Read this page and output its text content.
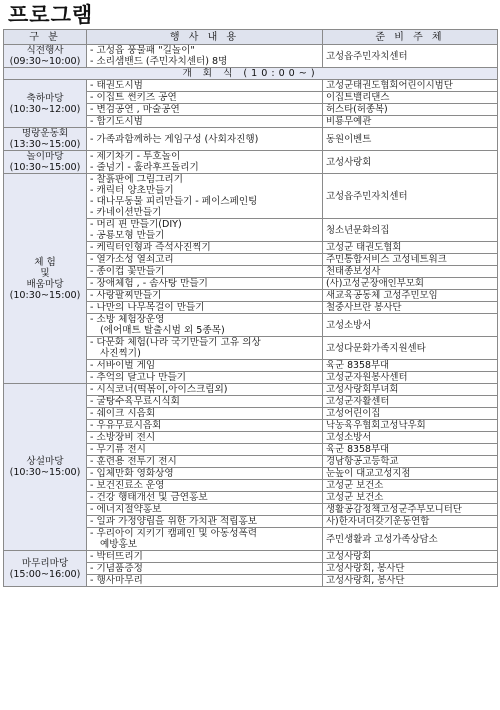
프로그램
구 분	행 사 내 용	준 비 주 체

식전행사
(09:30~10:00)	- 고성읍 풍물패 "길놀이"
- 소리샘밴드 (주민자치센터) 8명	고성읍주민자치센터
개 회 식 (10:00~)		

축하마당
(10:30~12:00)	- 태권도시범	고성군태권도협회어린이시범단

	- 이집트 썬키즈 공연	이집트밸리댄스

	- 변검공연 , 마술공연	허스타(허종복)

	- 합기도시범	비룡무예관

명랑운동회
(13:30~15:00)	- 가족과함께하는 게임구성 (사회자진행)	동원이벤트

놀이마당
(10:30~15:00)	- 제기차기 - 투호놀이
- 줄넘기 - 훌라후프돌리기	고성사랑회

체 험
및
배움마당
(10:30~15:00)	- 찰흙판에 그림그리기
- 캐릭터 양초만들기
- 대나무동물 피리만들기 - 페이스페인팅
- 카네이션만들기	고성읍주민자치센터

	- 머리 핀 만들기(DIY)
- 공룡모형 만들기	청소년문화의집

	- 케릭터인형과 즉석사진찍기	고성군 태권도협회

	- 열가소성 열쇠고리	주민통합서비스 고성네트워크

	- 종이컵 꽃만들기	천태종보성사

	- 장애체험 , - 솜사탕 만들기	(사)고성군장애인부모회

	- 사랑팔찌만들기	새교육공동체 고성주민모임

	- 나만의 나무목걸이 만들기	철중사브란 봉사단

	- 소방 체험장운영
(에어매트 탈출시범 외 5종목)	고성소방서

	- 다문화 체험(나라 국기만들기 고유 의상
사진찍기)	고성다문화가족지원센타

	- 서바이벌 게임	육군 8358부대

	- 추억의 달고나 만들기	고성군자원봉사센터

상설마당
(10:30~15:00)	- 시식코너(떡볶이,아이스크림외)	고성사랑회부녀회

	- 굴탕수육무료시식회	고성군자활센터

	- 쉐이크 시음회	고성어린이집

	- 우유무료시음회	낙농육우협회고성낙우회

	- 소방장비 전시	고성소방서

	- 무기류 전시	육군 8358부대

	- 훈련용 전투기 전시	경남항공고등학교

	- 입체만화 영화상영	눈높이 대교고성지점

	- 보건진료소 운영	고성군 보건소

	- 건강 행태개선 및 금연홍보	고성군 보건소

	- 에너지절약홍보	생활공감정책고성군주부모니터단

	- 일과 가정양립을 위한 가치관 적립홍보	사)한자녀더갖기운동연합

	- 우리아이 지키기 캠페인 및 아동성폭력
예방홍보	주민생활과 고성가족상담소

마무리마당
(15:00~16:00)	- 박터뜨리기	고성사랑회

	- 기념품증정	고성사랑회, 봉사단

	- 행사마무리	고성사랑회, 봉사단
